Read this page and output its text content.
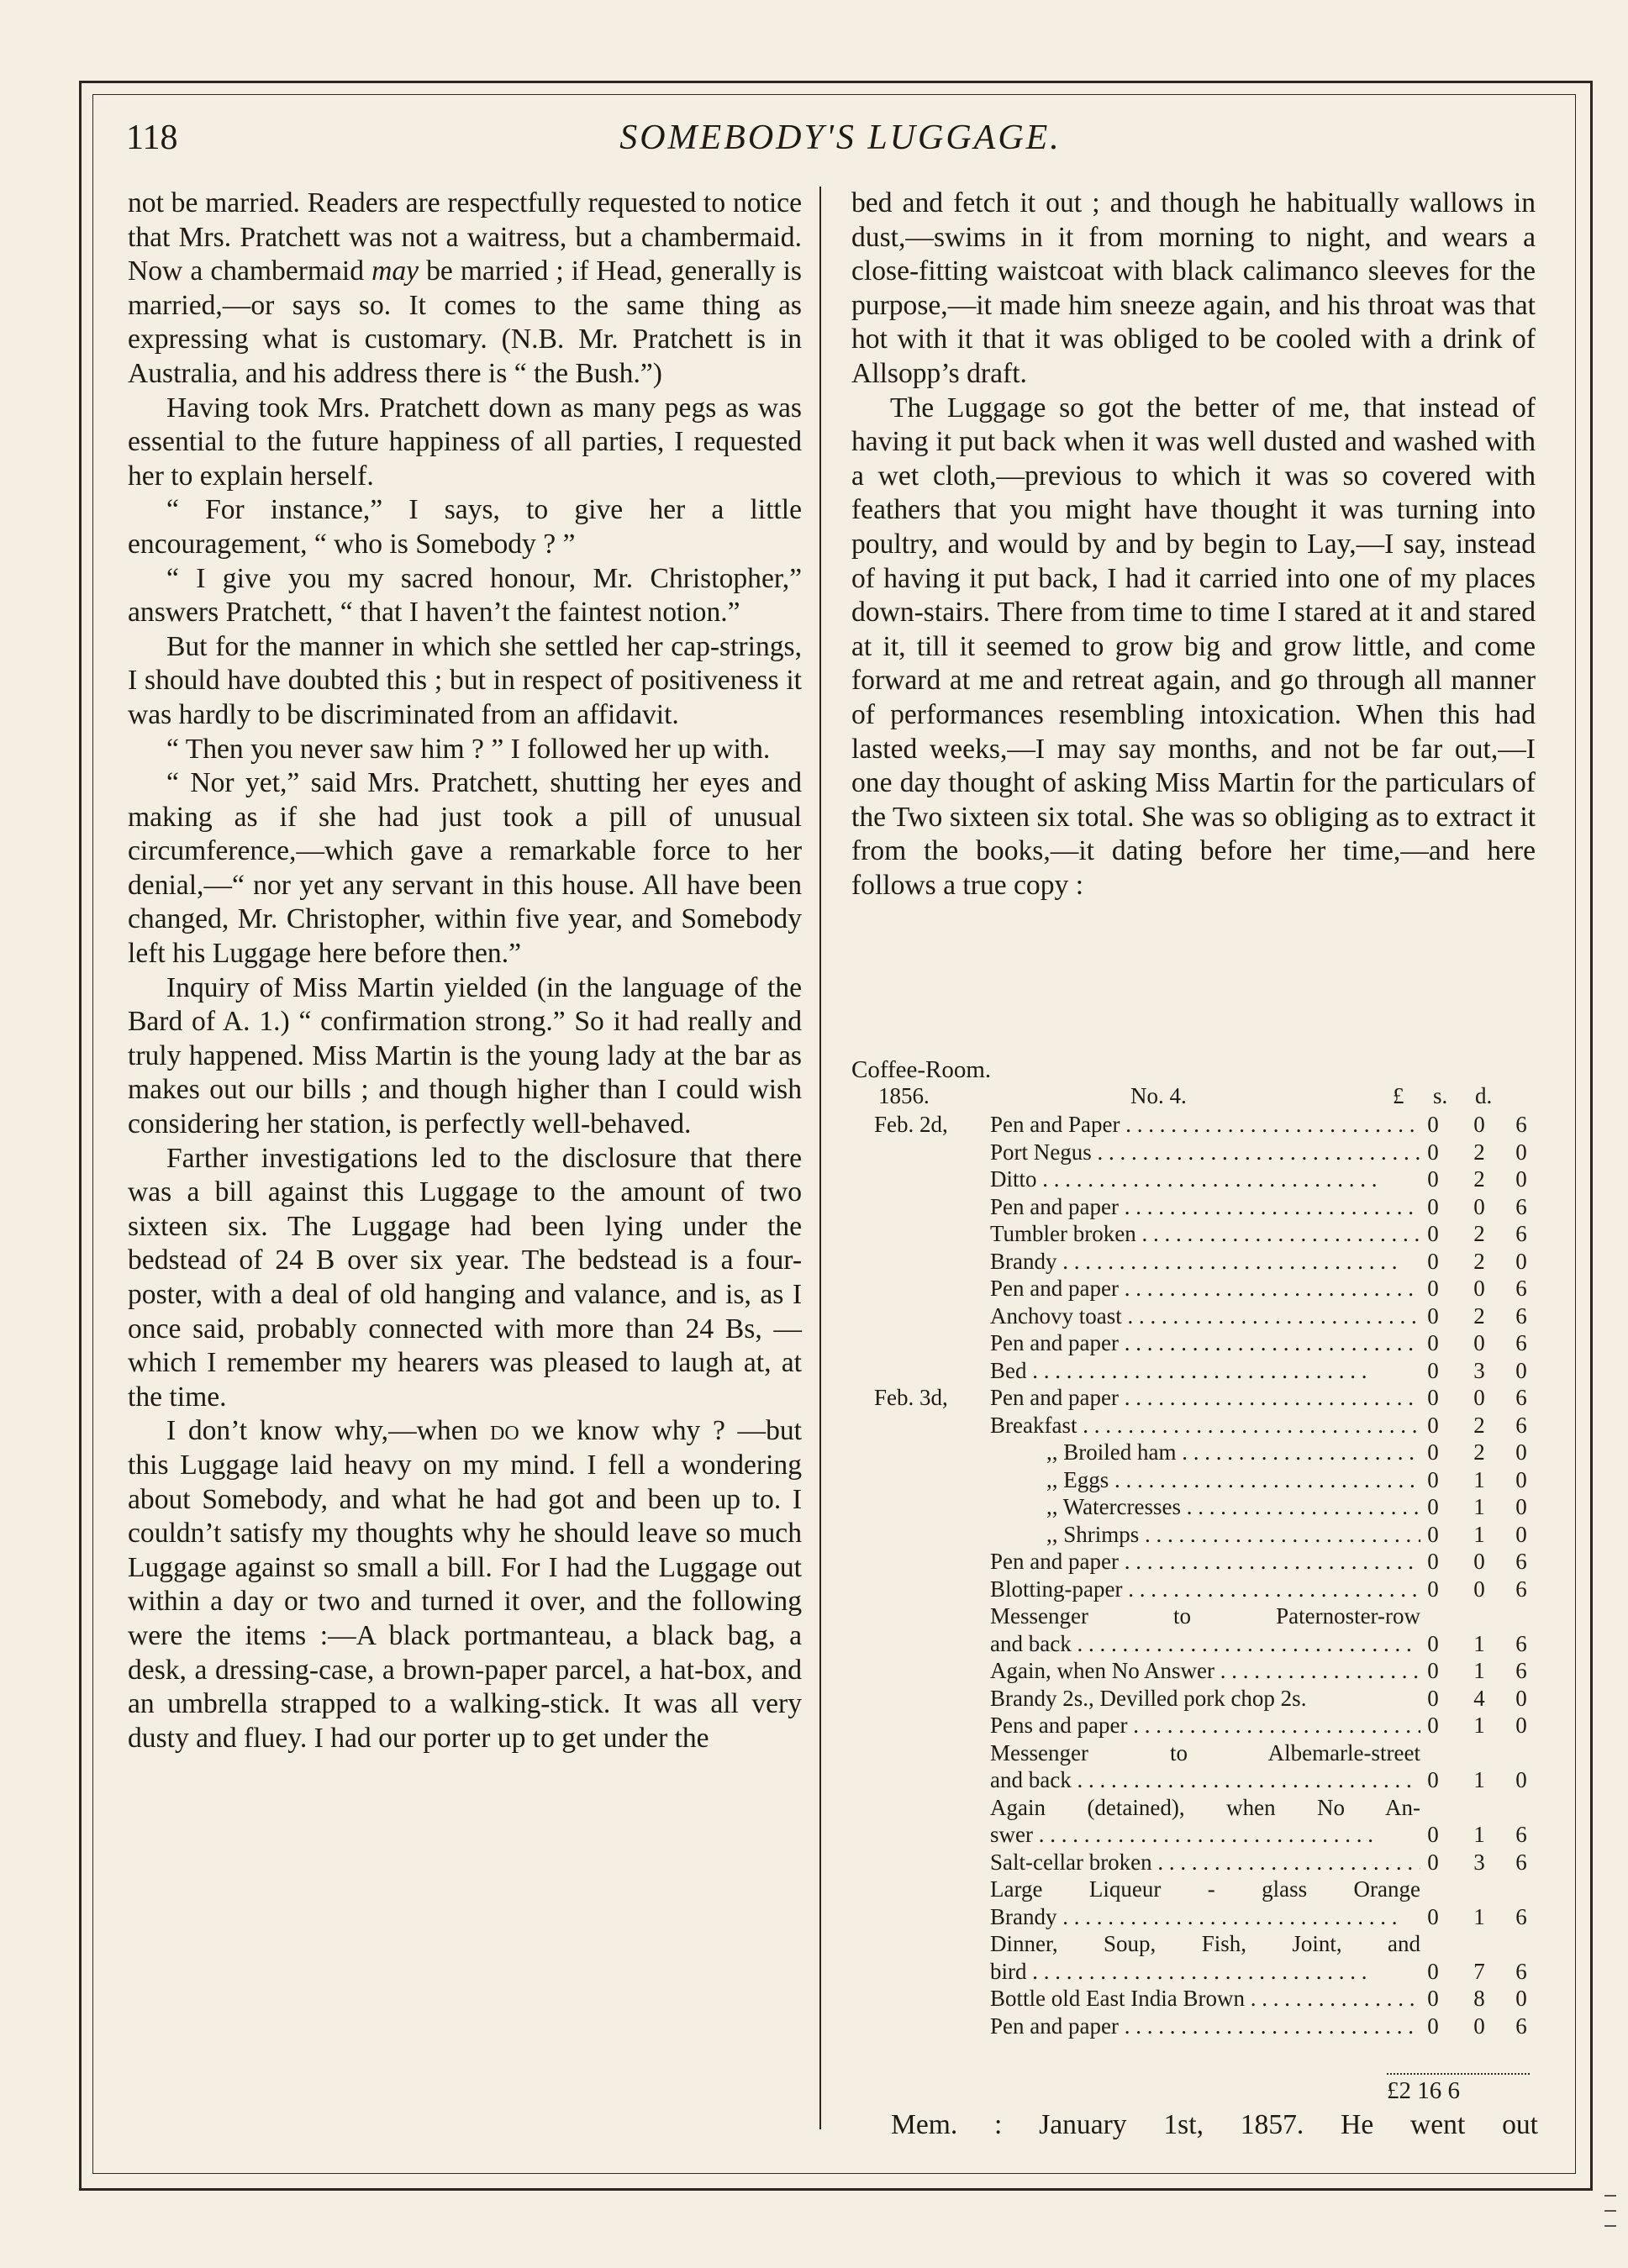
118	SOMEBODY'S LUGGAGE.

not be married. Readers are respectfully requested to notice that Mrs. Pratchett was not a waitress, but a chambermaid. Now a chambermaid may be married ; if Head, generally is married,—or says so. It comes to the same thing as expressing what is customary. (N.B. Mr. Pratchett is in Australia, and his address there is “ the Bush.”)

Having took Mrs. Pratchett down as many pegs as was essential to the future happiness of all parties, I requested her to explain herself.

“ For instance,” I says, to give her a little encouragement, “ who is Somebody ? ”

“ I give you my sacred honour, Mr. Christopher,” answers Pratchett, “ that I haven’t the faintest notion.”

But for the manner in which she settled her cap-strings, I should have doubted this ; but in respect of positiveness it was hardly to be discriminated from an affidavit.

“ Then you never saw him ? ” I followed her up with.

“ Nor yet,” said Mrs. Pratchett, shutting her eyes and making as if she had just took a pill of unusual circumference,—which gave a remarkable force to her denial,—“ nor yet any servant in this house. All have been changed, Mr. Christopher, within five year, and Somebody left his Luggage here before then.”

Inquiry of Miss Martin yielded (in the language of the Bard of A. 1.) “ confirmation strong.” So it had really and truly happened. Miss Martin is the young lady at the bar as makes out our bills ; and though higher than I could wish considering her station, is perfectly well-behaved.

Farther investigations led to the disclosure that there was a bill against this Luggage to the amount of two sixteen six. The Luggage had been lying under the bedstead of 24 B over six year. The bedstead is a four-poster, with a deal of old hanging and valance, and is, as I once said, probably connected with more than 24 Bs, —which I remember my hearers was pleased to laugh at, at the time.

I don’t know why,—when do we know why ? —but this Luggage laid heavy on my mind. I fell a wondering about Somebody, and what he had got and been up to. I couldn’t satisfy my thoughts why he should leave so much Luggage against so small a bill. For I had the Luggage out within a day or two and turned it over, and the following were the items :—A black portmanteau, a black bag, a desk, a dressing-case, a brown-paper parcel, a hat-box, and an umbrella strapped to a walking-stick. It was all very dusty and fluey. I had our porter up to get under the

bed and fetch it out ; and though he habitually wallows in dust,—swims in it from morning to night, and wears a close-fitting waistcoat with black calimanco sleeves for the purpose,—it made him sneeze again, and his throat was that hot with it that it was obliged to be cooled with a drink of Allsopp’s draft.

The Luggage so got the better of me, that instead of having it put back when it was well dusted and washed with a wet cloth,—previous to which it was so covered with feathers that you might have thought it was turning into poultry, and would by and by begin to Lay,—I say, instead of having it put back, I had it carried into one of my places down-stairs. There from time to time I stared at it and stared at it, till it seemed to grow big and grow little, and come forward at me and retreat again, and go through all manner of performances resembling intoxication. When this had lasted weeks,—I may say months, and not be far out,—I one day thought of asking Miss Martin for the particulars of the Two sixteen six total. She was so obliging as to extract it from the books,—it dating before her time,—and here follows a true copy :

Coffee-Room.
1856.	No. 4.	£ s. d.
Feb. 2d,	Pen and Paper . . .	0 0 6
Port Negus . . .	0 2 0
Ditto . . .	0 2 0
Pen and paper . . .	0 0 6
Tumbler broken . . .	0 2 6
Brandy . . .	0 2 0
Pen and paper . . .	0 0 6
Anchovy toast . . .	0 2 6
Pen and paper . . .	0 0 6
Bed . . .	0 3 0
Feb. 3d,	Pen and paper . . .	0 0 6
Breakfast . . .	0 2 6
,, Broiled ham . . .	0 2 0
,, Eggs . . .	0 1 0
,, Watercresses . . .	0 1 0
,, Shrimps . . .	0 1 0
Pen and paper . . .	0 0 6
Blotting-paper . . .	0 0 6
Messenger to Paternoster-row
and back . . .	0 1 6
Again, when No Answer . . .	0 1 6
Brandy 2s., Devilled pork chop 2s.	0 4 0
Pens and paper . . .	0 1 0
Messenger to Albemarle-street
and back . . .	0 1 0
Again (detained), when No An-
swer . . .	0 1 6
Salt-cellar broken . . .	0 3 6
Large Liqueur - glass Orange
Brandy . . .	0 1 6
Dinner, Soup, Fish, Joint, and
bird . . .	0 7 6
Bottle old East India Brown . . .	0 8 0
Pen and paper . . .	0 0 6
£2 16 6
Mem. : January 1st, 1857. He went out
